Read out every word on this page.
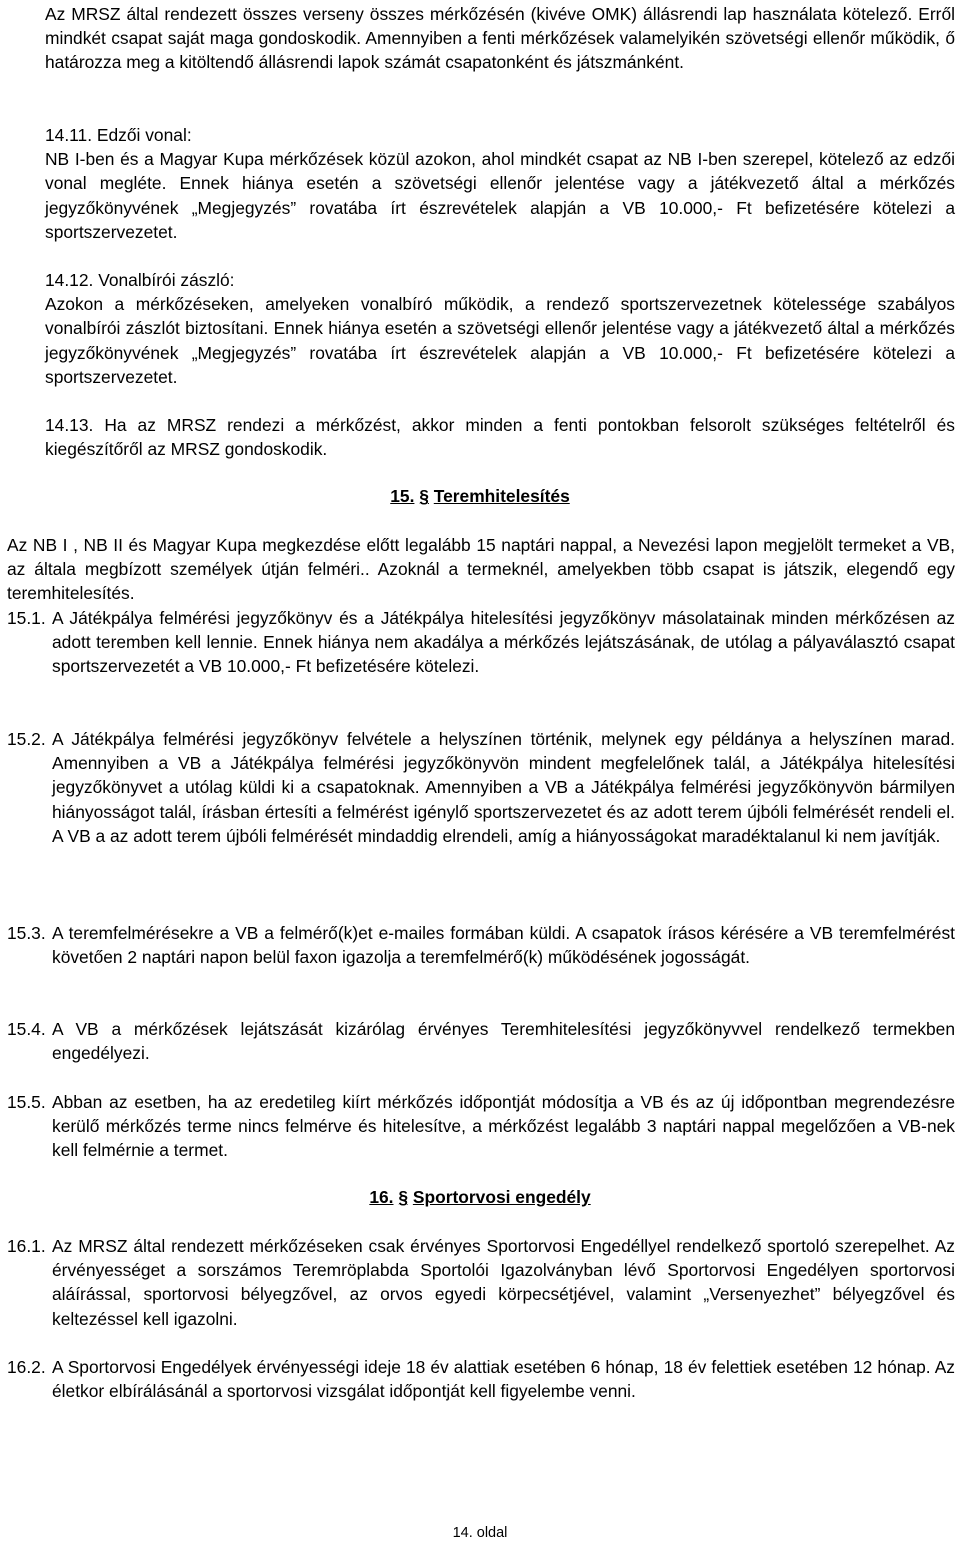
Az MRSZ által rendezett összes verseny összes mérkőzésén (kivéve OMK) állásrendi lap használata kötelező. Erről mindkét csapat saját maga gondoskodik. Amennyiben a fenti mérkőzések valamelyikén szövetségi ellenőr működik, ő határozza meg a kitöltendő állásrendi lapok számát csapatonként és játszmánként.

14.11. Edzői vonal:

NB I-ben és a Magyar Kupa mérkőzések közül azokon, ahol mindkét csapat az NB I-ben szerepel, kötelező az edzői vonal megléte. Ennek hiánya esetén a szövetségi ellenőr jelentése vagy a játékvezető által a mérkőzés jegyzőkönyvének „Megjegyzés” rovatába írt észrevételek alapján a VB 10.000,- Ft befizetésére kötelezi a sportszervezetet.

14.12. Vonalbírói zászló:

Azokon a mérkőzéseken, amelyeken vonalbíró működik, a rendező sportszervezetnek kötelessége szabályos vonalbírói zászlót biztosítani. Ennek hiánya esetén a szövetségi ellenőr jelentése vagy a játékvezető által a mérkőzés jegyzőkönyvének „Megjegyzés” rovatába írt észrevételek alapján a VB 10.000,- Ft befizetésére kötelezi a sportszervezetet.

14.13. Ha az MRSZ rendezi a mérkőzést, akkor minden a fenti pontokban felsorolt szükséges feltételről és kiegészítőről az MRSZ gondoskodik.

15. § Teremhitelesítés

Az NB I , NB II és Magyar Kupa megkezdése előtt legalább 15 naptári nappal, a Nevezési lapon megjelölt termeket a VB, az általa megbízott személyek útján felméri.. Azoknál a termeknél, amelyekben több csapat is játszik, elegendő egy teremhitelesítés.

15.1. A Játékpálya felmérési jegyzőkönyv és a Játékpálya hitelesítési jegyzőkönyv másolatainak minden mérkőzésen az adott teremben kell lennie. Ennek hiánya nem akadálya a mérkőzés lejátszásának, de utólag a pályaválasztó csapat sportszervezetét a VB 10.000,- Ft befizetésére kötelezi.

15.2. A Játékpálya felmérési jegyzőkönyv felvétele a helyszínen történik, melynek egy példánya a helyszínen marad. Amennyiben a VB a Játékpálya felmérési jegyzőkönyvön mindent megfelelőnek talál, a Játékpálya hitelesítési jegyzőkönyvet a utólag küldi ki a csapatoknak. Amennyiben a VB a Játékpálya felmérési jegyzőkönyvön bármilyen hiányosságot talál, írásban értesíti a felmérést igénylő sportszervezetet és az adott terem újbóli felmérését rendeli el. A VB a az adott terem újbóli felmérését mindaddig elrendeli, amíg a hiányosságokat maradéktalanul ki nem javítják.

15.3. A teremfelmérésekre a VB a felmérő(k)et e-mailes formában küldi. A csapatok írásos kérésére a VB teremfelmérést követően 2 naptári napon belül faxon igazolja a teremfelmérő(k) működésének jogosságát.

15.4. A VB a mérkőzések lejátszását kizárólag érvényes Teremhitelesítési jegyzőkönyvvel rendelkező termekben engedélyezi.

15.5. Abban az esetben, ha az eredetileg kiírt mérkőzés időpontját módosítja a VB és az új időpontban megrendezésre kerülő mérkőzés terme nincs felmérve és hitelesítve, a mérkőzést legalább 3 naptári nappal megelőzően a VB-nek kell felmérnie a termet.

16. § Sportorvosi engedély

16.1. Az MRSZ által rendezett mérkőzéseken csak érvényes Sportorvosi Engedéllyel rendelkező sportoló szerepelhet. Az érvényességet a sorszámos Teremröplabda Sportolói Igazolványban lévő Sportorvosi Engedélyen sportorvosi aláírással, sportorvosi bélyegzővel, az orvos egyedi körpecsétjével, valamint „Versenyezhet” bélyegzővel és keltezéssel kell igazolni.

16.2. A Sportorvosi Engedélyek érvényességi ideje 18 év alattiak esetében 6 hónap, 18 év felettiek esetében 12 hónap. Az életkor elbírálásánál a sportorvosi vizsgálat időpontját kell figyelembe venni.

14. oldal
